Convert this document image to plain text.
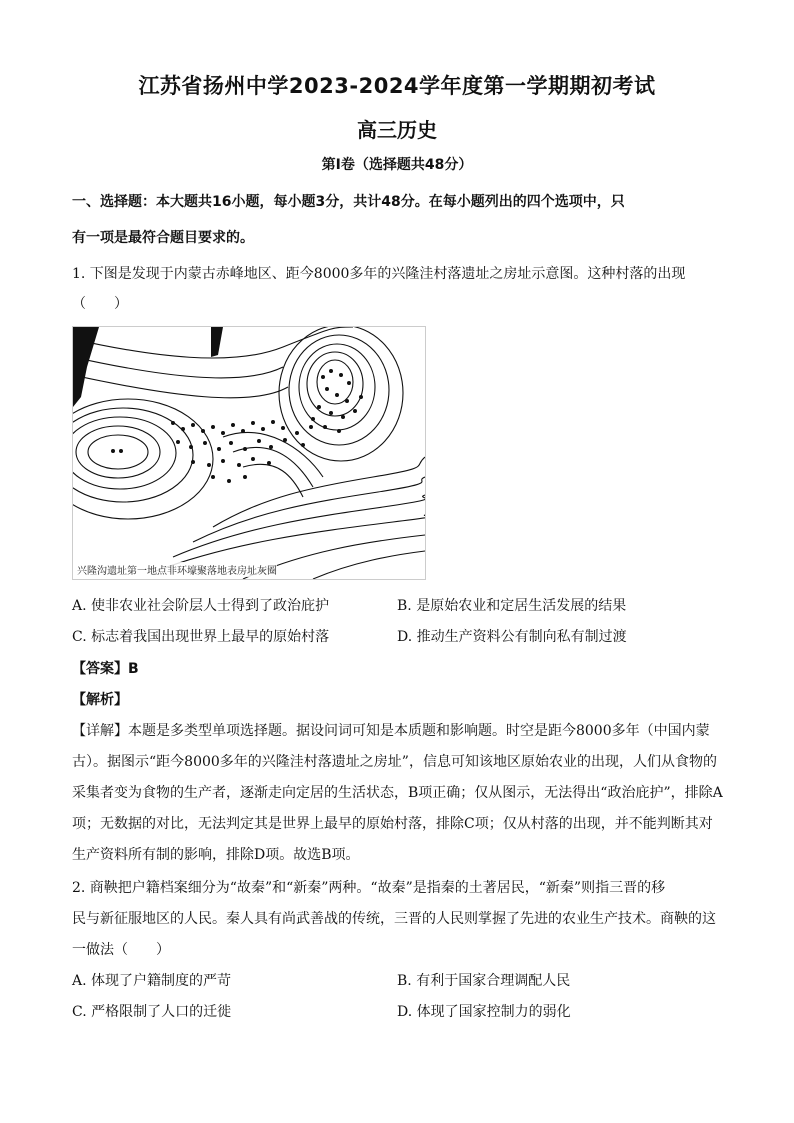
江苏省扬州中学2023-2024学年度第一学期期初考试
高三历史
第Ⅰ卷（选择题共48分）
一、选择题：本大题共16小题，每小题3分，共计48分。在每小题列出的四个选项中，只
有一项是最符合题目要求的。
1. 下图是发现于内蒙古赤峰地区、距今8000多年的兴隆洼村落遗址之房址示意图。这种村落的出现
（　　）
兴隆沟遗址第一地点非环壕聚落地表房址灰圈
A. 使非农业社会阶层人士得到了政治庇护	B. 是原始农业和定居生活发展的结果
C. 标志着我国出现世界上最早的原始村落	D. 推动生产资料公有制向私有制过渡
【答案】B
【解析】
【详解】本题是多类型单项选择题。据设问词可知是本质题和影响题。时空是距今8000多年（中国内蒙
古）。据图示“距今8000多年的兴隆洼村落遗址之房址”，信息可知该地区原始农业的出现，人们从食物的
采集者变为食物的生产者，逐渐走向定居的生活状态，B项正确；仅从图示，无法得出“政治庇护”，排除A
项；无数据的对比，无法判定其是世界上最早的原始村落，排除C项；仅从村落的出现，并不能判断其对
生产资料所有制的影响，排除D项。故选B项。
2. 商鞅把户籍档案细分为“故秦”和“新秦”两种。“故秦”是指秦的土著居民，“新秦”则指三晋的移
民与新征服地区的人民。秦人具有尚武善战的传统，三晋的人民则掌握了先进的农业生产技术。商鞅的这
一做法（　　）
A. 体现了户籍制度的严苛	B. 有利于国家合理调配人民
C. 严格限制了人口的迁徙	D. 体现了国家控制力的弱化
